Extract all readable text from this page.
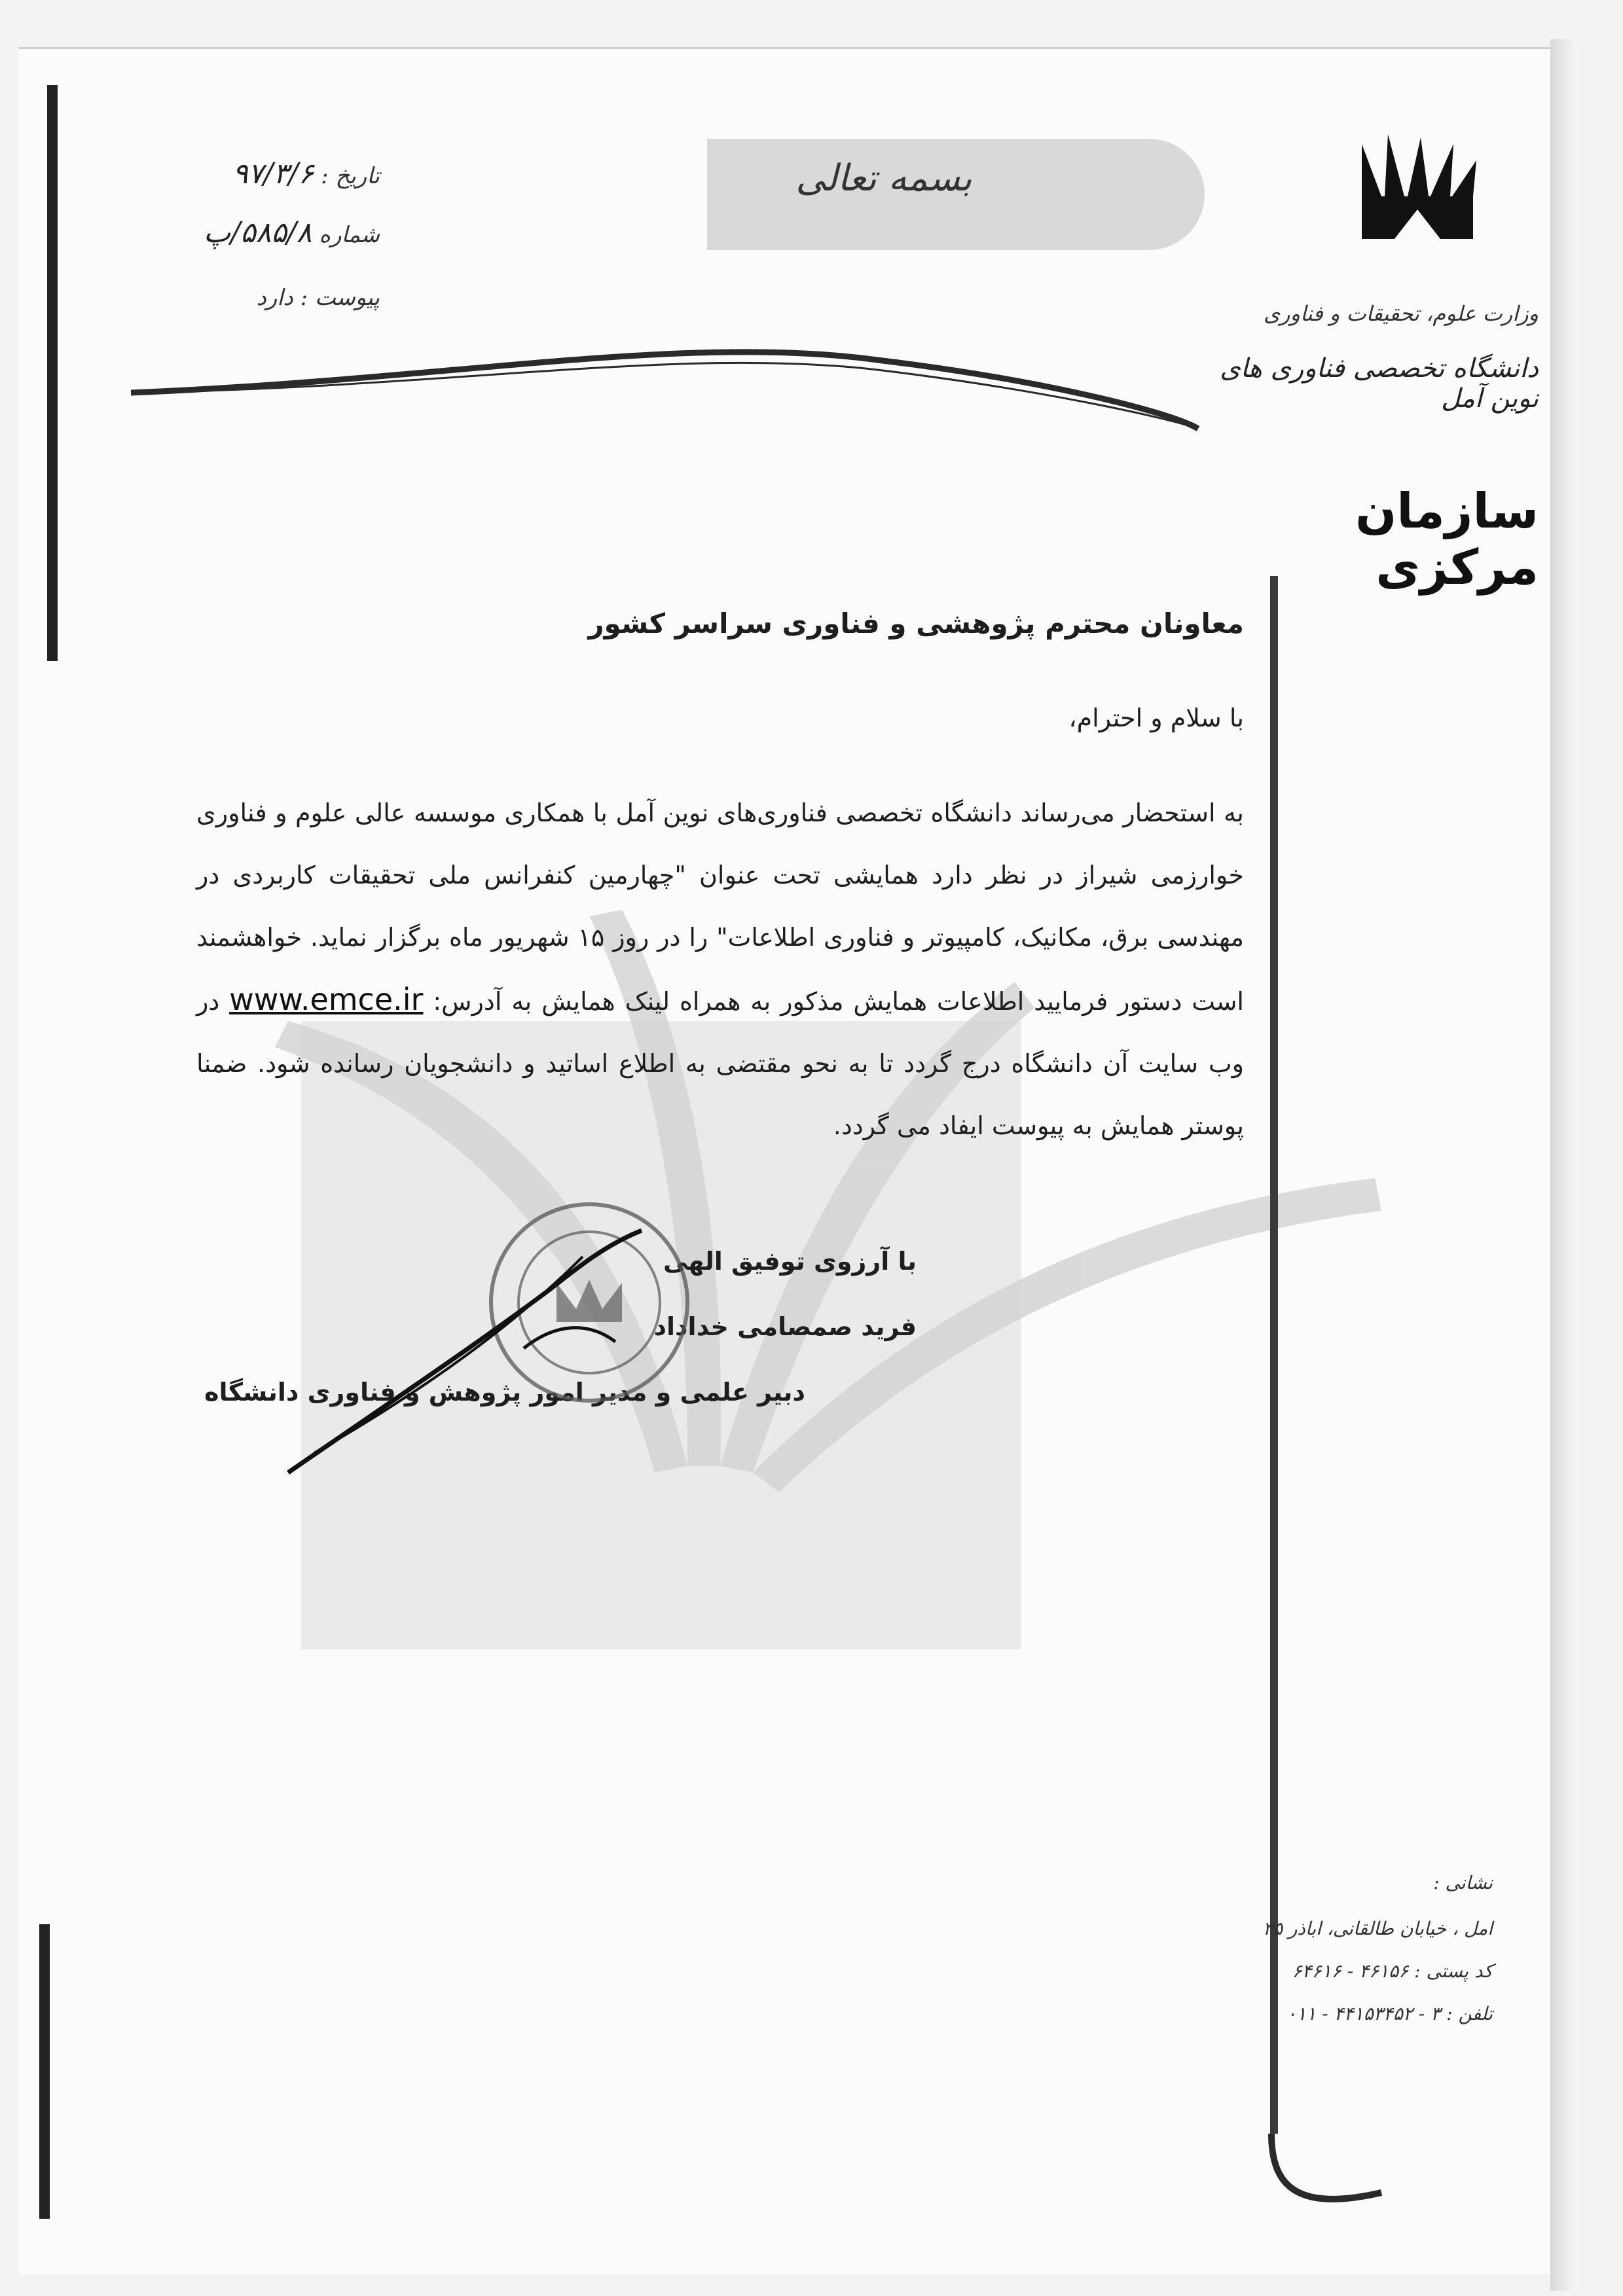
بسمه تعالی
تاریخ : ۹۷/۳/۶
شماره ۵۸۵/۸/پ
پیوست : دارد
وزارت علوم، تحقیقات و فناوری
دانشگاه تخصصی فناوری های نوین آمل
سازمان مرکزی
معاونان محترم پژوهشی و فناوری سراسر کشور
با سلام و احترام،
به استحضار می‌رساند دانشگاه تخصصی فناوری‌های نوین آمل با همکاری موسسه عالی علوم و فناوری خوارزمی شیراز در نظر دارد همایشی تحت عنوان "چهارمین کنفرانس ملی تحقیقات کاربردی در مهندسی برق، مکانیک، کامپیوتر و فناوری اطلاعات" را در روز ۱۵ شهریور ماه برگزار نماید. خواهشمند است دستور فرمایید اطلاعات همایش مذکور به همراه لینک همایش به آدرس: www.emce.ir در وب سایت آن دانشگاه درج گردد تا به نحو مقتضی به اطلاع اساتید و دانشجویان رسانده شود. ضمنا پوستر همایش به پیوست ایفاد می گردد.
با آرزوی توفیق الهی
فرید صمصامی خداداد
دبیر علمی و مدیر امور پژوهش و فناوری دانشگاه
نشانی :
امل ، خیابان طالقانی، اباذر ۳۵
کد پستی : ۴۶۱۵۶ - ۶۴۶۱۶
تلفن : ۳ - ۴۴۱۵۳۴۵۲ - ۰۱۱
